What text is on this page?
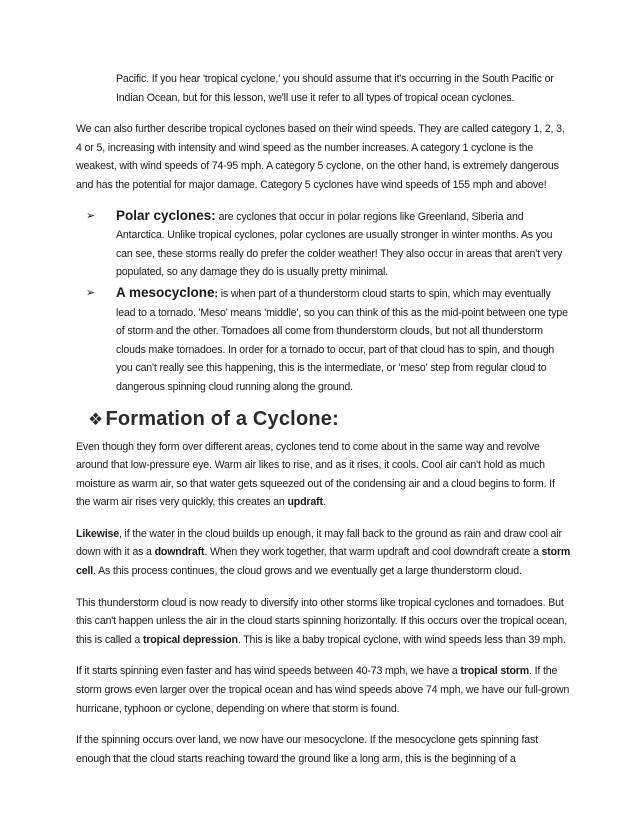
Pacific. If you hear 'tropical cyclone,' you should assume that it's occurring in the South Pacific or Indian Ocean, but for this lesson, we'll use it refer to all types of tropical ocean cyclones.

We can also further describe tropical cyclones based on their wind speeds. They are called category 1, 2, 3, 4 or 5, increasing with intensity and wind speed as the number increases. A category 1 cyclone is the weakest, with wind speeds of 74-95 mph. A category 5 cyclone, on the other hand, is extremely dangerous and has the potential for major damage. Category 5 cyclones have wind speeds of 155 mph and above!

➢	Polar cyclones: are cyclones that occur in polar regions like Greenland, Siberia and Antarctica. Unlike tropical cyclones, polar cyclones are usually stronger in winter months. As you can see, these storms really do prefer the colder weather! They also occur in areas that aren't very populated, so any damage they do is usually pretty minimal.

➢	A mesocyclone: is when part of a thunderstorm cloud starts to spin, which may eventually lead to a tornado. 'Meso' means 'middle', so you can think of this as the mid-point between one type of storm and the other. Tornadoes all come from thunderstorm clouds, but not all thunderstorm clouds make tornadoes. In order for a tornado to occur, part of that cloud has to spin, and though you can't really see this happening, this is the intermediate, or 'meso' step from regular cloud to dangerous spinning cloud running along the ground.

❖ Formation of a Cyclone:

Even though they form over different areas, cyclones tend to come about in the same way and revolve around that low-pressure eye. Warm air likes to rise, and as it rises, it cools. Cool air can't hold as much moisture as warm air, so that water gets squeezed out of the condensing air and a cloud begins to form. If the warm air rises very quickly, this creates an updraft.

Likewise, if the water in the cloud builds up enough, it may fall back to the ground as rain and draw cool air down with it as a downdraft. When they work together, that warm updraft and cool downdraft create a storm cell. As this process continues, the cloud grows and we eventually get a large thunderstorm cloud.

This thunderstorm cloud is now ready to diversify into other storms like tropical cyclones and tornadoes. But this can't happen unless the air in the cloud starts spinning horizontally. If this occurs over the tropical ocean, this is called a tropical depression. This is like a baby tropical cyclone, with wind speeds less than 39 mph.

If it starts spinning even faster and has wind speeds between 40-73 mph, we have a tropical storm. If the storm grows even larger over the tropical ocean and has wind speeds above 74 mph, we have our full-grown hurricane, typhoon or cyclone, depending on where that storm is found.

If the spinning occurs over land, we now have our mesocyclone. If the mesocyclone gets spinning fast enough that the cloud starts reaching toward the ground like a long arm, this is the beginning of a
